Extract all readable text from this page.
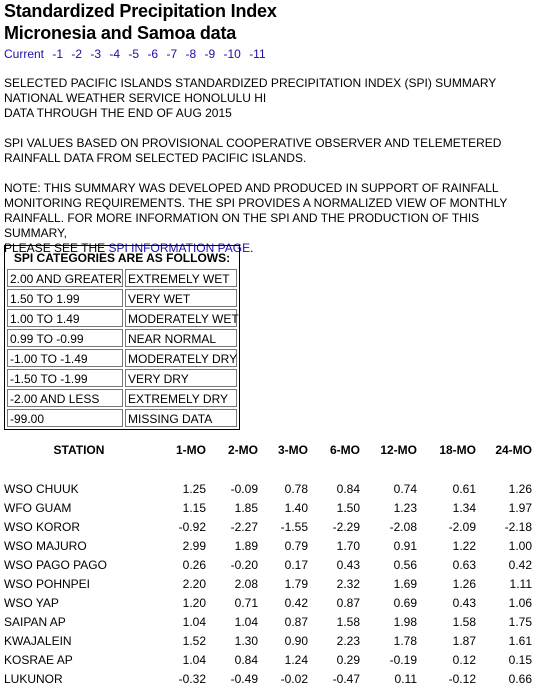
Standardized Precipitation Index
Micronesia and Samoa data
Current -1 -2 -3 -4 -5 -6 -7 -8 -9 -10 -11
SELECTED PACIFIC ISLANDS STANDARDIZED PRECIPITATION INDEX (SPI) SUMMARY
NATIONAL WEATHER SERVICE HONOLULU HI
DATA THROUGH THE END OF AUG 2015
SPI VALUES BASED ON PROVISIONAL COOPERATIVE OBSERVER AND TELEMETERED
RAINFALL DATA FROM SELECTED PACIFIC ISLANDS.
NOTE: THIS SUMMARY WAS DEVELOPED AND PRODUCED IN SUPPORT OF RAINFALL
MONITORING REQUIREMENTS. THE SPI PROVIDES A NORMALIZED VIEW OF MONTHLY
RAINFALL. FOR MORE INFORMATION ON THE SPI AND THE PRODUCTION OF THIS SUMMARY,
PLEASE SEE THE SPI INFORMATION PAGE.
SPI CATEGORIES ARE AS FOLLOWS:
2.00 AND GREATER EXTREMELY WET
1.50 TO 1.99	VERY WET
1.00 TO 1.49	MODERATELY WET
0.99 TO -0.99	NEAR NORMAL
-1.00 TO -1.49	MODERATELY DRY
-1.50 TO -1.99	VERY DRY
-2.00 AND LESS	EXTREMELY DRY
-99.00	MISSING DATA
STATION	1-MO	2-MO	3-MO	6-MO	12-MO	18-MO	24-MO

WSO CHUUK	1.25	-0.09	0.78	0.84	0.74	0.61	1.26
WFO GUAM	1.15	1.85	1.40	1.50	1.23	1.34	1.97
WSO KOROR	-0.92	-2.27	-1.55	-2.29	-2.08	-2.09	-2.18
WSO MAJURO	2.99	1.89	0.79	1.70	0.91	1.22	1.00
WSO PAGO PAGO	0.26	-0.20	0.17	0.43	0.56	0.63	0.42
WSO POHNPEI	2.20	2.08	1.79	2.32	1.69	1.26	1.11
WSO YAP	1.20	0.71	0.42	0.87	0.69	0.43	1.06
SAIPAN AP	1.04	1.04	0.87	1.58	1.98	1.58	1.75
KWAJALEIN	1.52	1.30	0.90	2.23	1.78	1.87	1.61
KOSRAE AP	1.04	0.84	1.24	0.29	-0.19	0.12	0.15
LUKUNOR	-0.32	-0.49	-0.02	-0.47	0.11	-0.12	0.66
